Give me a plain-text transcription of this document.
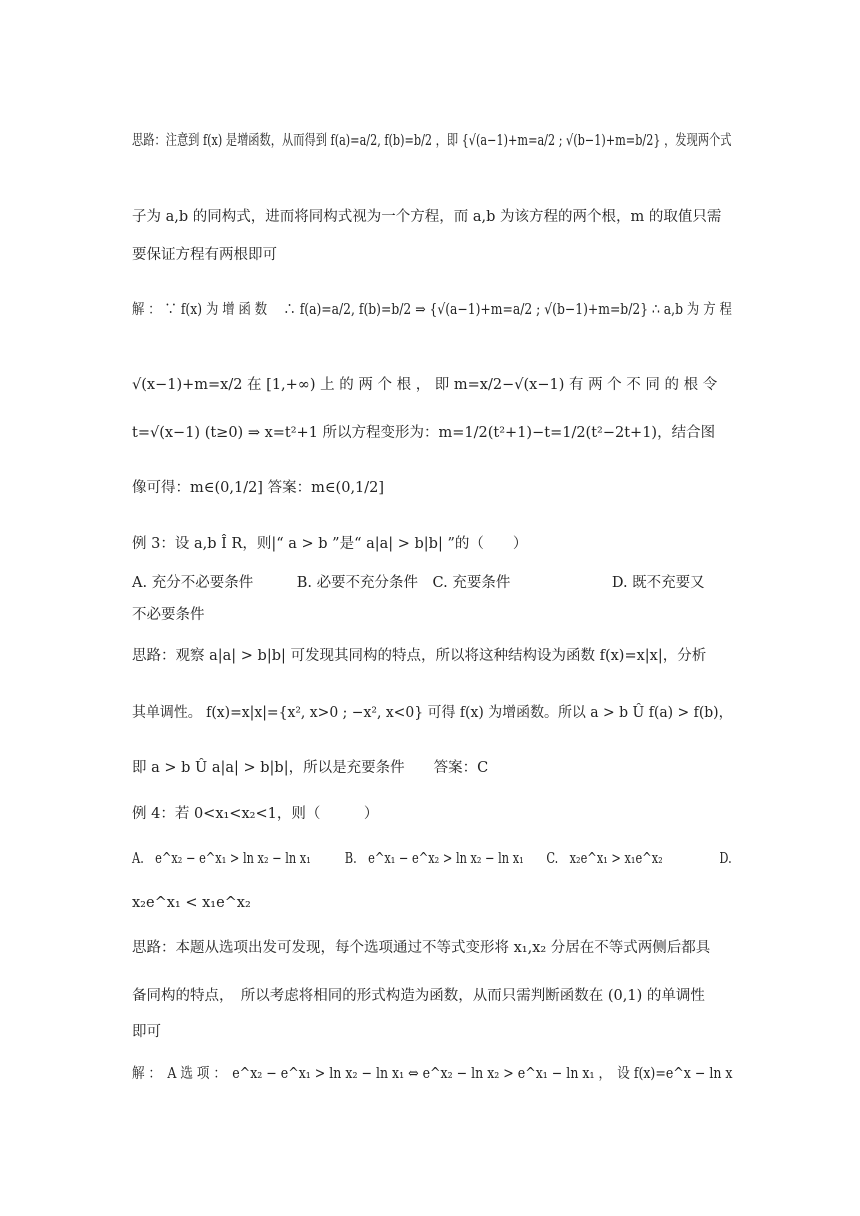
思路：注意到 f(x) 是增函数，从而得到 f(a)=a/2, f(b)=b/2 ，即 {√(a−1)+m=a/2 ; √(b−1)+m=b/2} ，发现两个式
子为 a,b 的同构式，进而将同构式视为一个方程，而 a,b 为该方程的两个根，m 的取值只需
要保证方程有两根即可
解 ： ∵ f(x) 为 增 函 数　 ∴ f(a)=a/2, f(b)=b/2 ⇒ {√(a−1)+m=a/2 ; √(b−1)+m=b/2} ∴ a,b 为 方 程
√(x−1)+m=x/2 在 [1,+∞) 上 的 两 个 根 ， 即 m=x/2−√(x−1) 有 两 个 不 同 的 根 令
t=√(x−1) (t≥0) ⇒ x=t²+1 所以方程变形为：m=1/2(t²+1)−t=1/2(t²−2t+1)，结合图
像可得：m∈(0,1/2] 答案：m∈(0,1/2]
例 3：设 a,b Î R，则|“ a > b ”是“ a|a| > b|b| ”的（　　）
A. 充分不必要条件　　　B. 必要不充分条件　C. 充要条件　　　　　　　D. 既不充要又
不必要条件
思路：观察 a|a| > b|b| 可发现其同构的特点，所以将这种结构设为函数 f(x)=x|x|，分析
其单调性。 f(x)=x|x|={x², x>0 ; −x², x<0} 可得 f(x) 为增函数。所以 a > b Û f(a) > f(b)，
即 a > b Û a|a| > b|b|，所以是充要条件　　答案：C
例 4：若 0<x₁<x₂<1，则（　　　）
A.　e^x₂ − e^x₁ > ln x₂ − ln x₁　　　B.　e^x₁ − e^x₂ > ln x₂ − ln x₁　　C.　x₂e^x₁ > x₁e^x₂　　　　　D.
x₂e^x₁ < x₁e^x₂
思路：本题从选项出发可发现，每个选项通过不等式变形将 x₁,x₂ 分居在不等式两侧后都具
备同构的特点，　所以考虑将相同的形式构造为函数，从而只需判断函数在 (0,1) 的单调性
即可
解 ：　A 选 项 ：　e^x₂ − e^x₁ > ln x₂ − ln x₁ ⇔ e^x₂ − ln x₂ > e^x₁ − ln x₁ ，　设 f(x)=e^x − ln x
